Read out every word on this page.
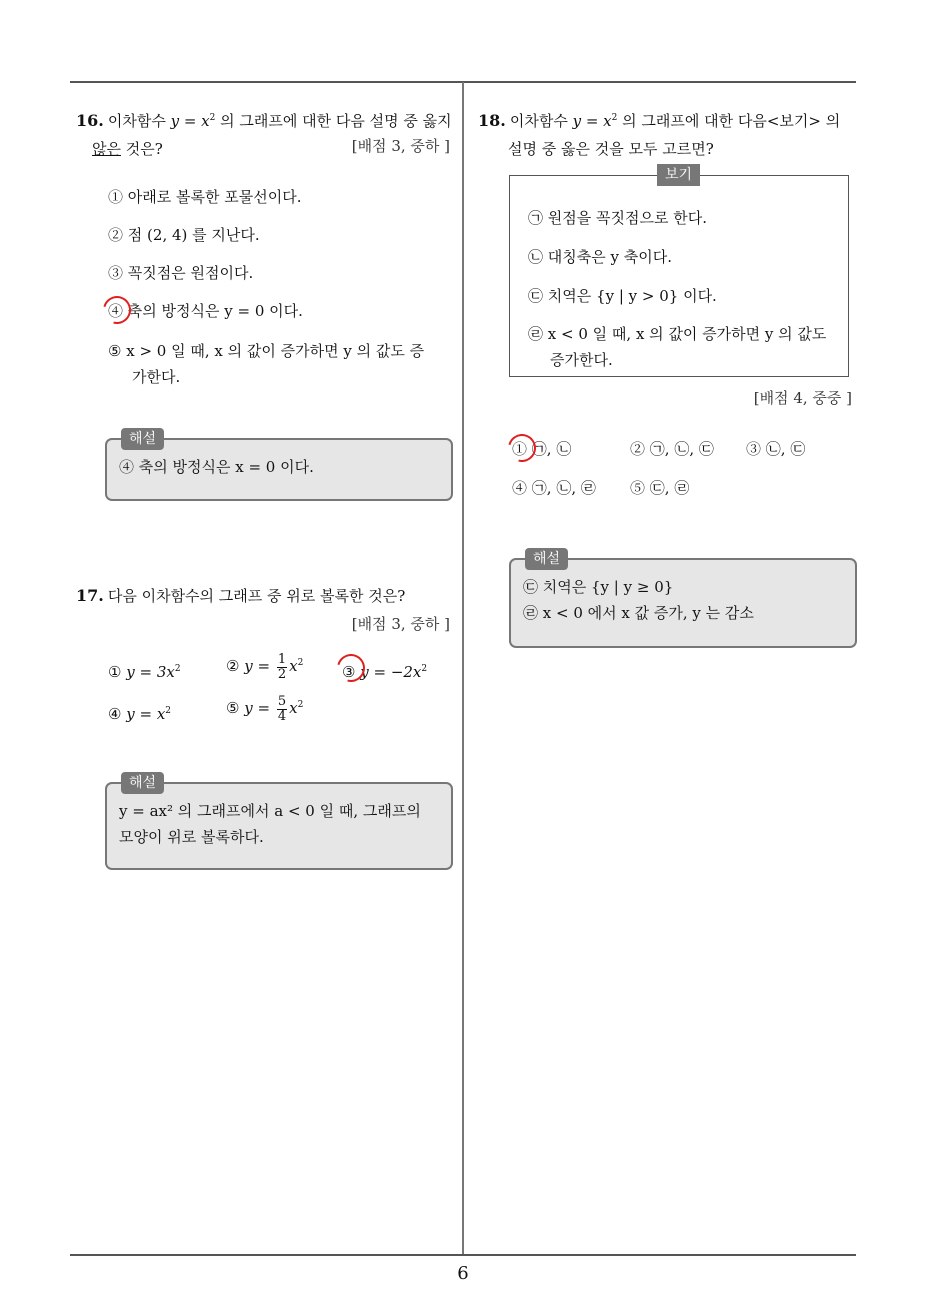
6
16. 이차함수 $y = x^2$ 의 그래프에 대한 다음 설명 중 옳지
않은 것은?	[배점 3, 중하 ]
① 아래로 볼록한 포물선이다.
② 점 (2, 4) 를 지난다.
③ 꼭짓점은 원점이다.
④ 축의 방정식은 y = 0 이다.
⑤ x > 0 일 때, x 의 값이 증가하면 y 의 값도 증
가한다.
해설
④ 축의 방정식은 x = 0 이다.
17. 다음 이차함수의 그래프 중 위로 볼록한 것은?
[배점 3, 중하 ]
① $y = 3x^2$	② $y = \frac{1}{2} x^2$	③ $y = -2x^2$
④ $y = x^2$	⑤ $y = \frac{5}{4} x^2$
해설
y = ax² 의 그래프에서 a < 0 일 때, 그래프의
모양이 위로 볼록하다.
18. 이차함수 $y = x^2$ 의 그래프에 대한 다음<보기> 의
설명 중 옳은 것을 모두 고르면?
보기
㉠ 원점을 꼭짓점으로 한다.
㉡ 대칭축은 y 축이다.
㉢ 치역은 {y | y > 0} 이다.
㉣ x < 0 일 때, x 의 값이 증가하면 y 의 값도
증가한다.
[배점 4, 중중 ]
① ㉠, ㉡	② ㉠, ㉡, ㉢ ③ ㉡, ㉢
④ ㉠, ㉡, ㉣ ⑤ ㉢, ㉣
해설
㉢ 치역은 {y | y ≥ 0}
㉣ x < 0 에서 x 값 증가, y 는 감소
